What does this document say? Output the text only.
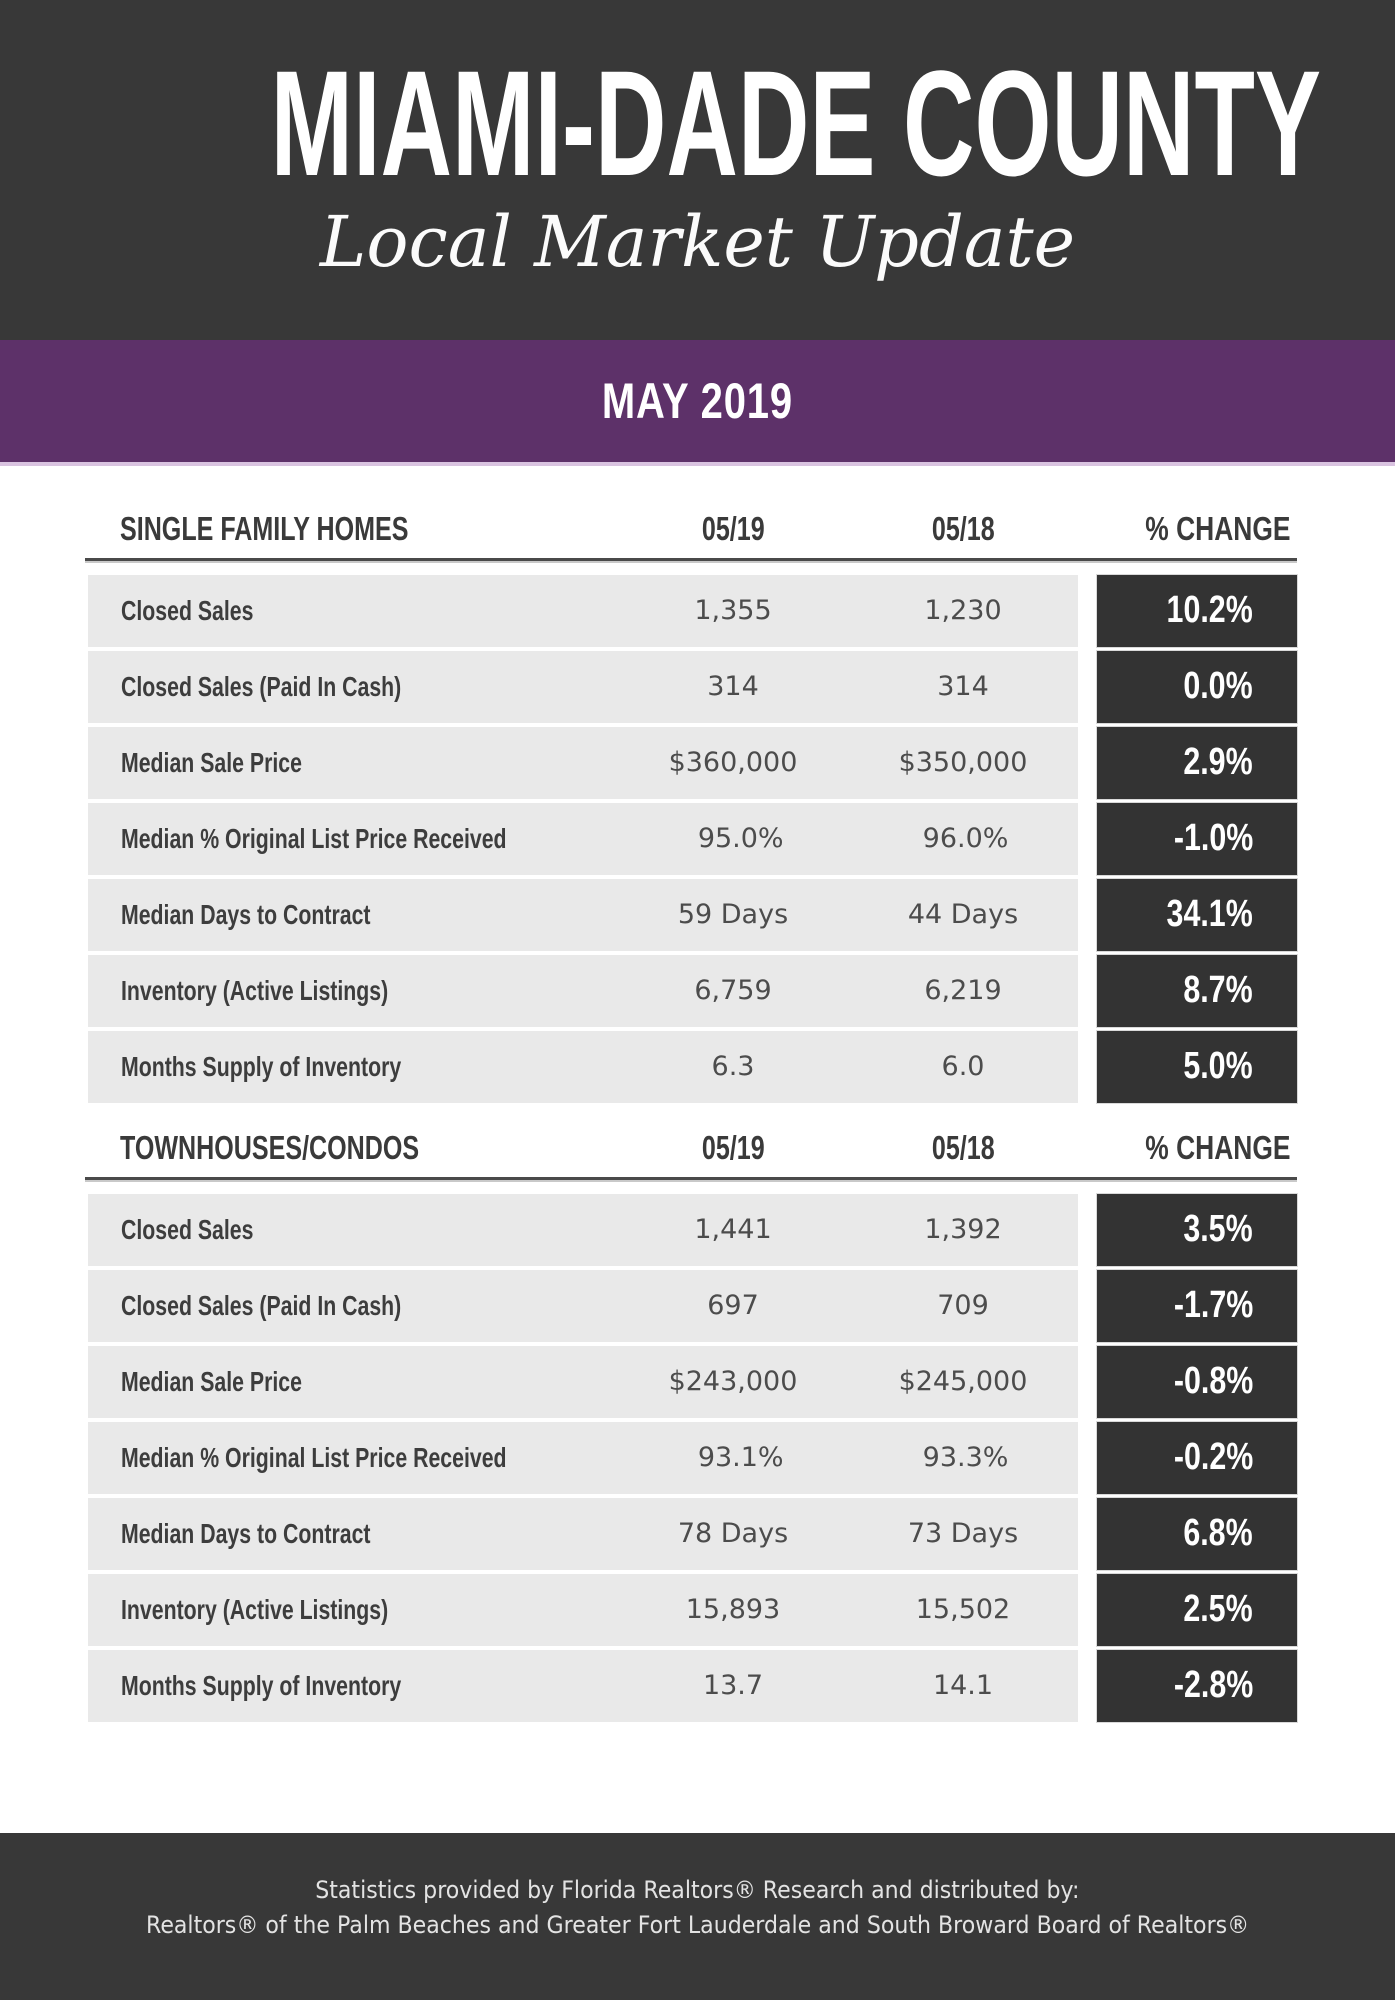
MIAMI-DADE COUNTY
Local Market Update
MAY 2019
SINGLE FAMILY HOMES	05/19	05/18	% CHANGE
Closed Sales	1,355	1,230	10.2%
Closed Sales (Paid In Cash)	314	314	0.0%
Median Sale Price	$360,000	$350,000	2.9%
Median % Original List Price Received	95.0%	96.0%	-1.0%
Median Days to Contract	59 Days	44 Days	34.1%
Inventory (Active Listings)	6,759	6,219	8.7%
Months Supply of Inventory	6.3	6.0	5.0%
TOWNHOUSES/CONDOS	05/19	05/18	% CHANGE
Closed Sales	1,441	1,392	3.5%
Closed Sales (Paid In Cash)	697	709	-1.7%
Median Sale Price	$243,000	$245,000	-0.8%
Median % Original List Price Received	93.1%	93.3%	-0.2%
Median Days to Contract	78 Days	73 Days	6.8%
Inventory (Active Listings)	15,893	15,502	2.5%
Months Supply of Inventory	13.7	14.1	-2.8%
Statistics provided by Florida Realtors® Research and distributed by:
Realtors® of the Palm Beaches and Greater Fort Lauderdale and South Broward Board of Realtors®
